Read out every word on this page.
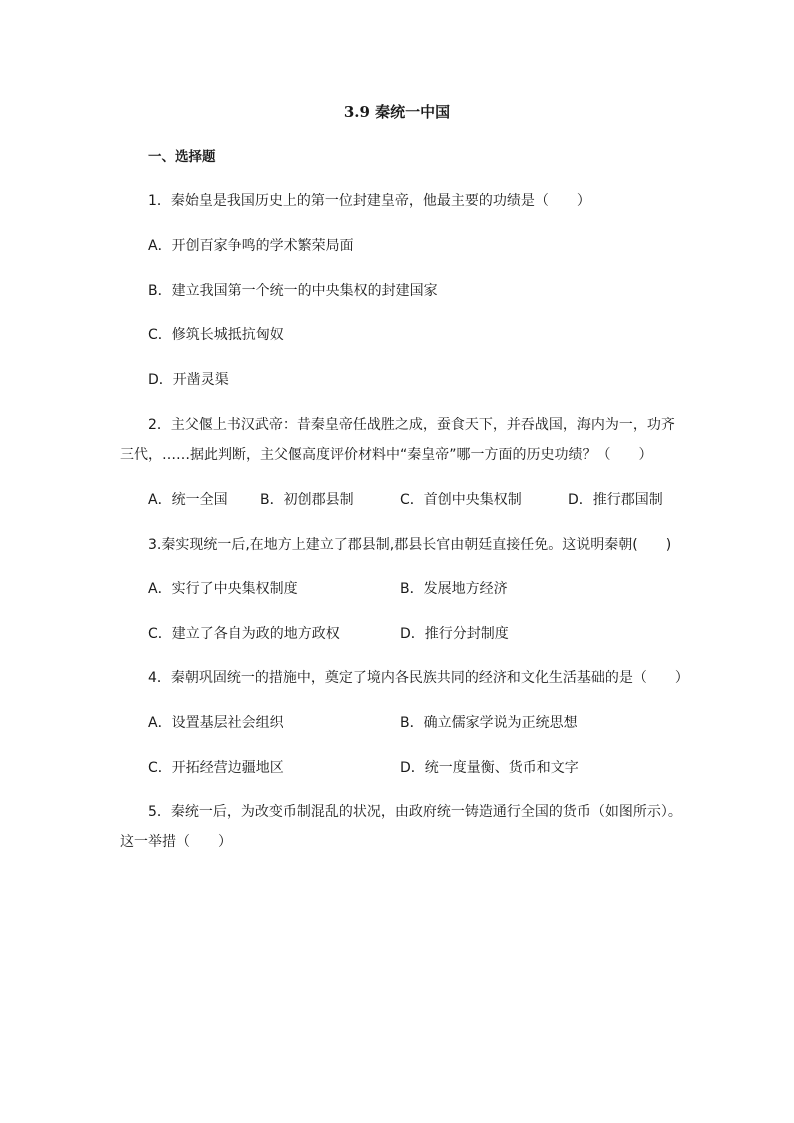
3.9 秦统一中国
一、选择题
1．秦始皇是我国历史上的第一位封建皇帝，他最主要的功绩是（　　）
A．开创百家争鸣的学术繁荣局面
B．建立我国第一个统一的中央集权的封建国家
C．修筑长城抵抗匈奴
D．开凿灵渠
2．主父偃上书汉武帝：昔秦皇帝任战胜之成，蚕食天下，并吞战国，海内为一，功齐
三代，……据此判断，主父偃高度评价材料中“秦皇帝”哪一方面的历史功绩？（　　）
A．统一全国 B．初创郡县制	C．首创中央集权制	D．推行郡国制
3.秦实现统一后,在地方上建立了郡县制,郡县长官由朝廷直接任免。这说明秦朝(　　)
A．实行了中央集权制度	B．发展地方经济
C．建立了各自为政的地方政权	D．推行分封制度
4．秦朝巩固统一的措施中，奠定了境内各民族共同的经济和文化生活基础的是（　　）
A．设置基层社会组织	B．确立儒家学说为正统思想
C．开拓经营边疆地区	D．统一度量衡、货币和文字
5．秦统一后，为改变币制混乱的状况，由政府统一铸造通行全国的货币（如图所示）。
这一举措（　　）
